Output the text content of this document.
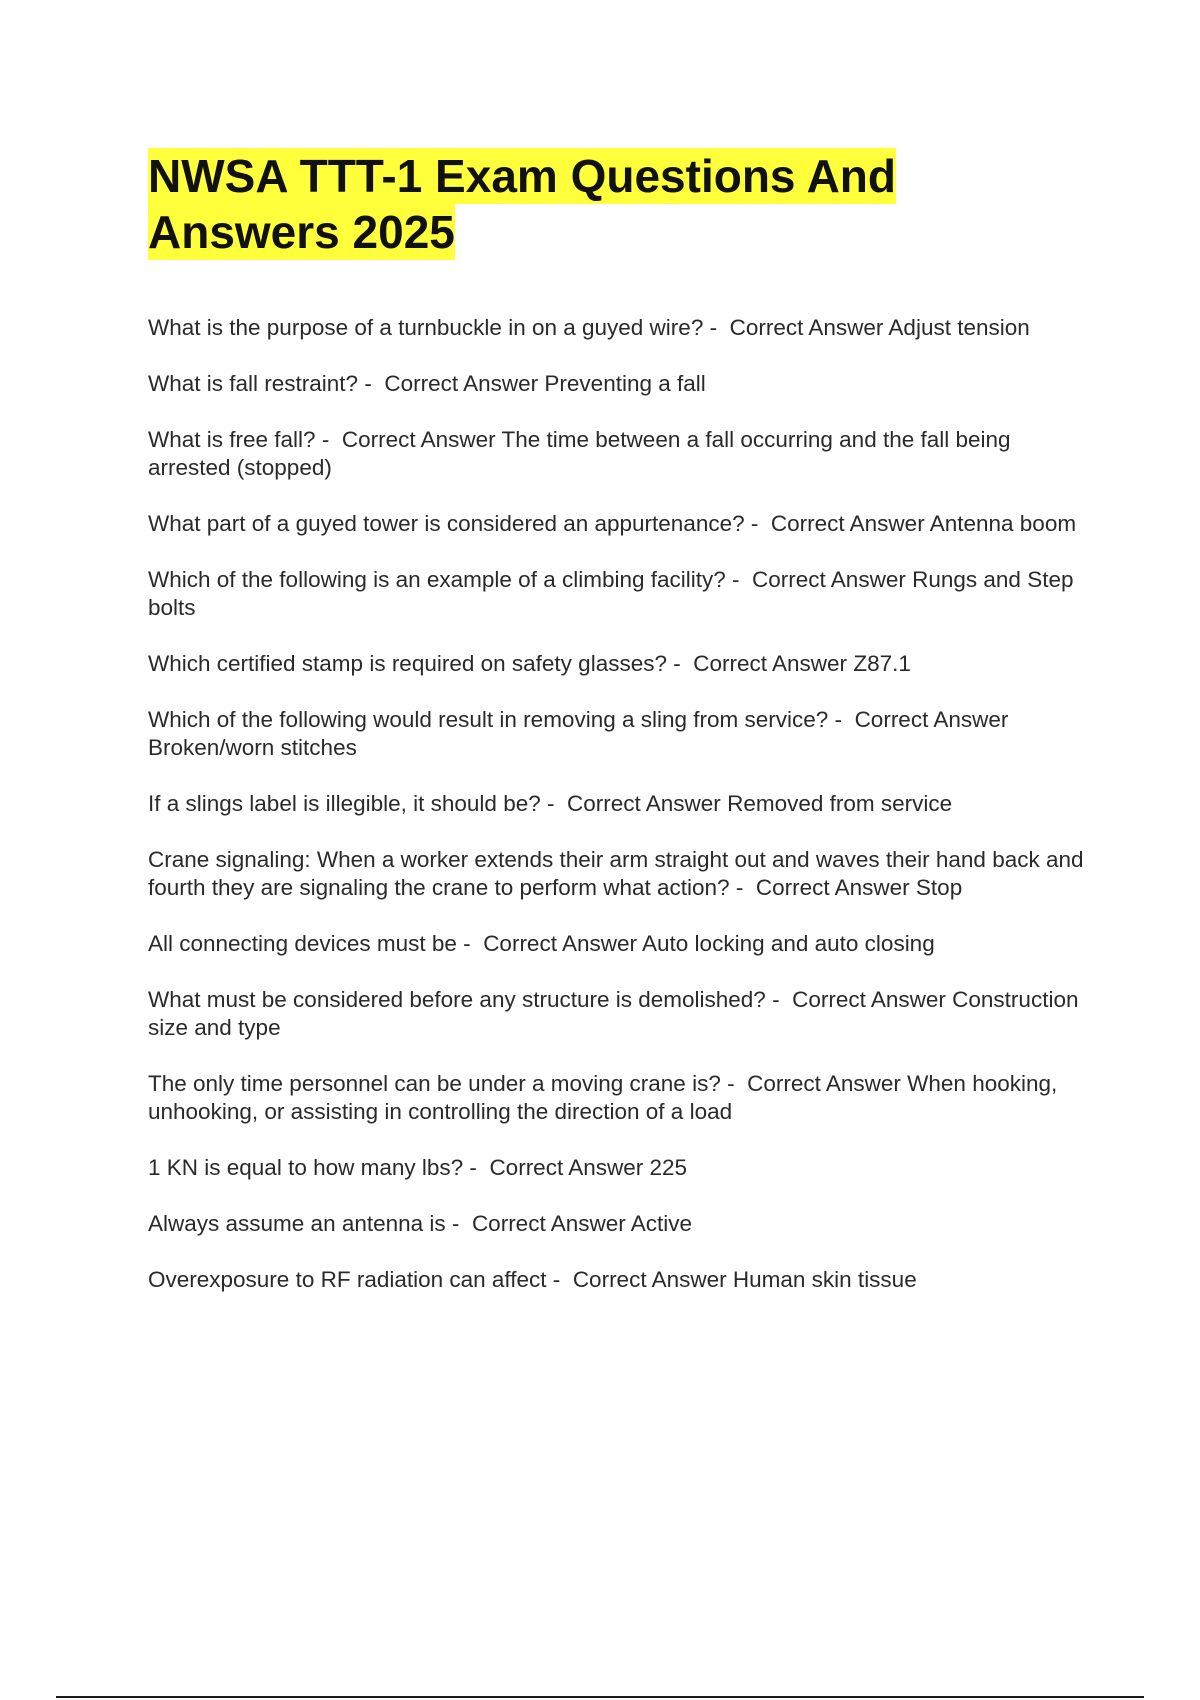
NWSA TTT-1 Exam Questions And
Answers 2025
What is the purpose of a turnbuckle in on a guyed wire? - Correct Answer Adjust tension
What is fall restraint? - Correct Answer Preventing a fall
What is free fall? - Correct Answer The time between a fall occurring and the fall being arrested (stopped)
What part of a guyed tower is considered an appurtenance? - Correct Answer Antenna boom
Which of the following is an example of a climbing facility? - Correct Answer Rungs and Step bolts
Which certified stamp is required on safety glasses? - Correct Answer Z87.1
Which of the following would result in removing a sling from service? - Correct Answer Broken/worn stitches
If a slings label is illegible, it should be? - Correct Answer Removed from service
Crane signaling: When a worker extends their arm straight out and waves their hand back and fourth they are signaling the crane to perform what action? - Correct Answer Stop
All connecting devices must be - Correct Answer Auto locking and auto closing
What must be considered before any structure is demolished? - Correct Answer Construction size and type
The only time personnel can be under a moving crane is? - Correct Answer When hooking, unhooking, or assisting in controlling the direction of a load
1 KN is equal to how many lbs? - Correct Answer 225
Always assume an antenna is - Correct Answer Active
Overexposure to RF radiation can affect - Correct Answer Human skin tissue
